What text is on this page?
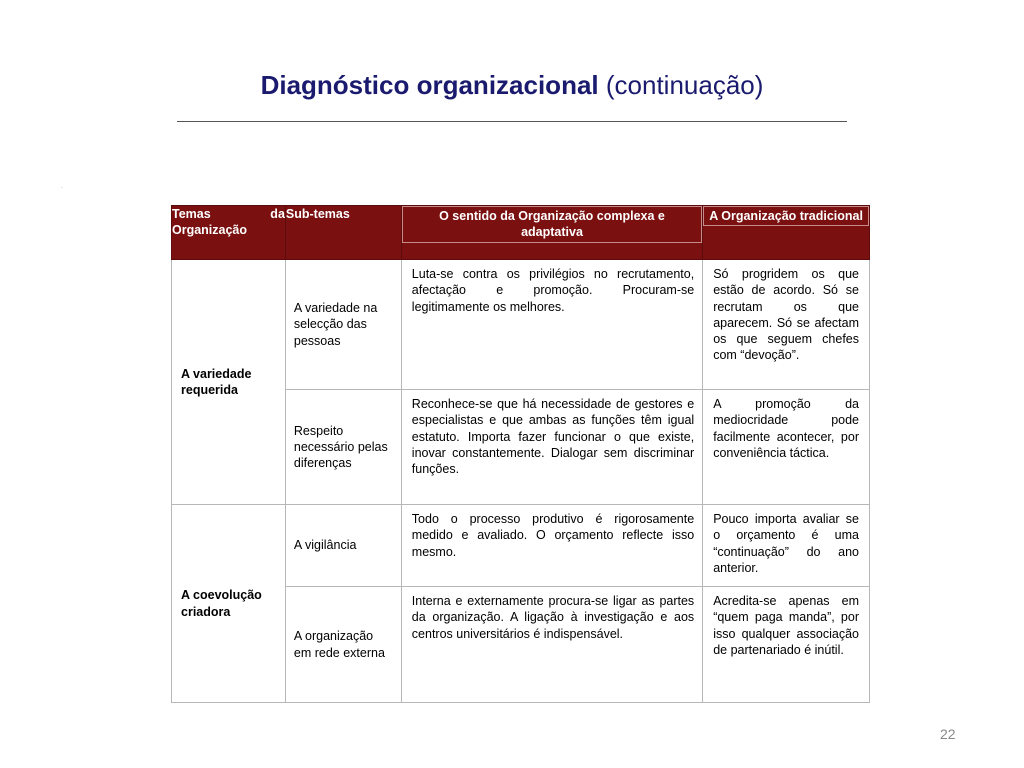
Diagnóstico organizacional (continuação)
.
Temas da Organização	Sub-temas	O sentido da Organização complexa e adaptativa	A Organização tradicional

A variedade requerida	A variedade na selecção das pessoas	Luta-se contra os privilégios no recrutamento, afectação e promoção. Procuram-se legitimamente os melhores.	Só progridem os que estão de acordo. Só se recrutam os que aparecem. Só se afectam os que seguem chefes com “devoção”.
	Respeito necessário pelas diferenças	Reconhece-se que há necessidade de gestores e especialistas e que ambas as funções têm igual estatuto. Importa fazer funcionar o que existe, inovar constantemente. Dialogar sem discriminar funções.	A promoção da mediocridade pode facilmente acontecer, por conveniência táctica.
A coevolução criadora	A vigilância	Todo o processo produtivo é rigorosamente medido e avaliado. O orçamento reflecte isso mesmo.	Pouco importa avaliar se o orçamento é uma “continuação” do ano anterior.
	A organização em rede externa	Interna e externamente procura-se ligar as partes da organização. A ligação à investigação e aos centros universitários é indispensável.	Acredita-se apenas em “quem paga manda”, por isso qualquer associação de partenariado é inútil.
22
